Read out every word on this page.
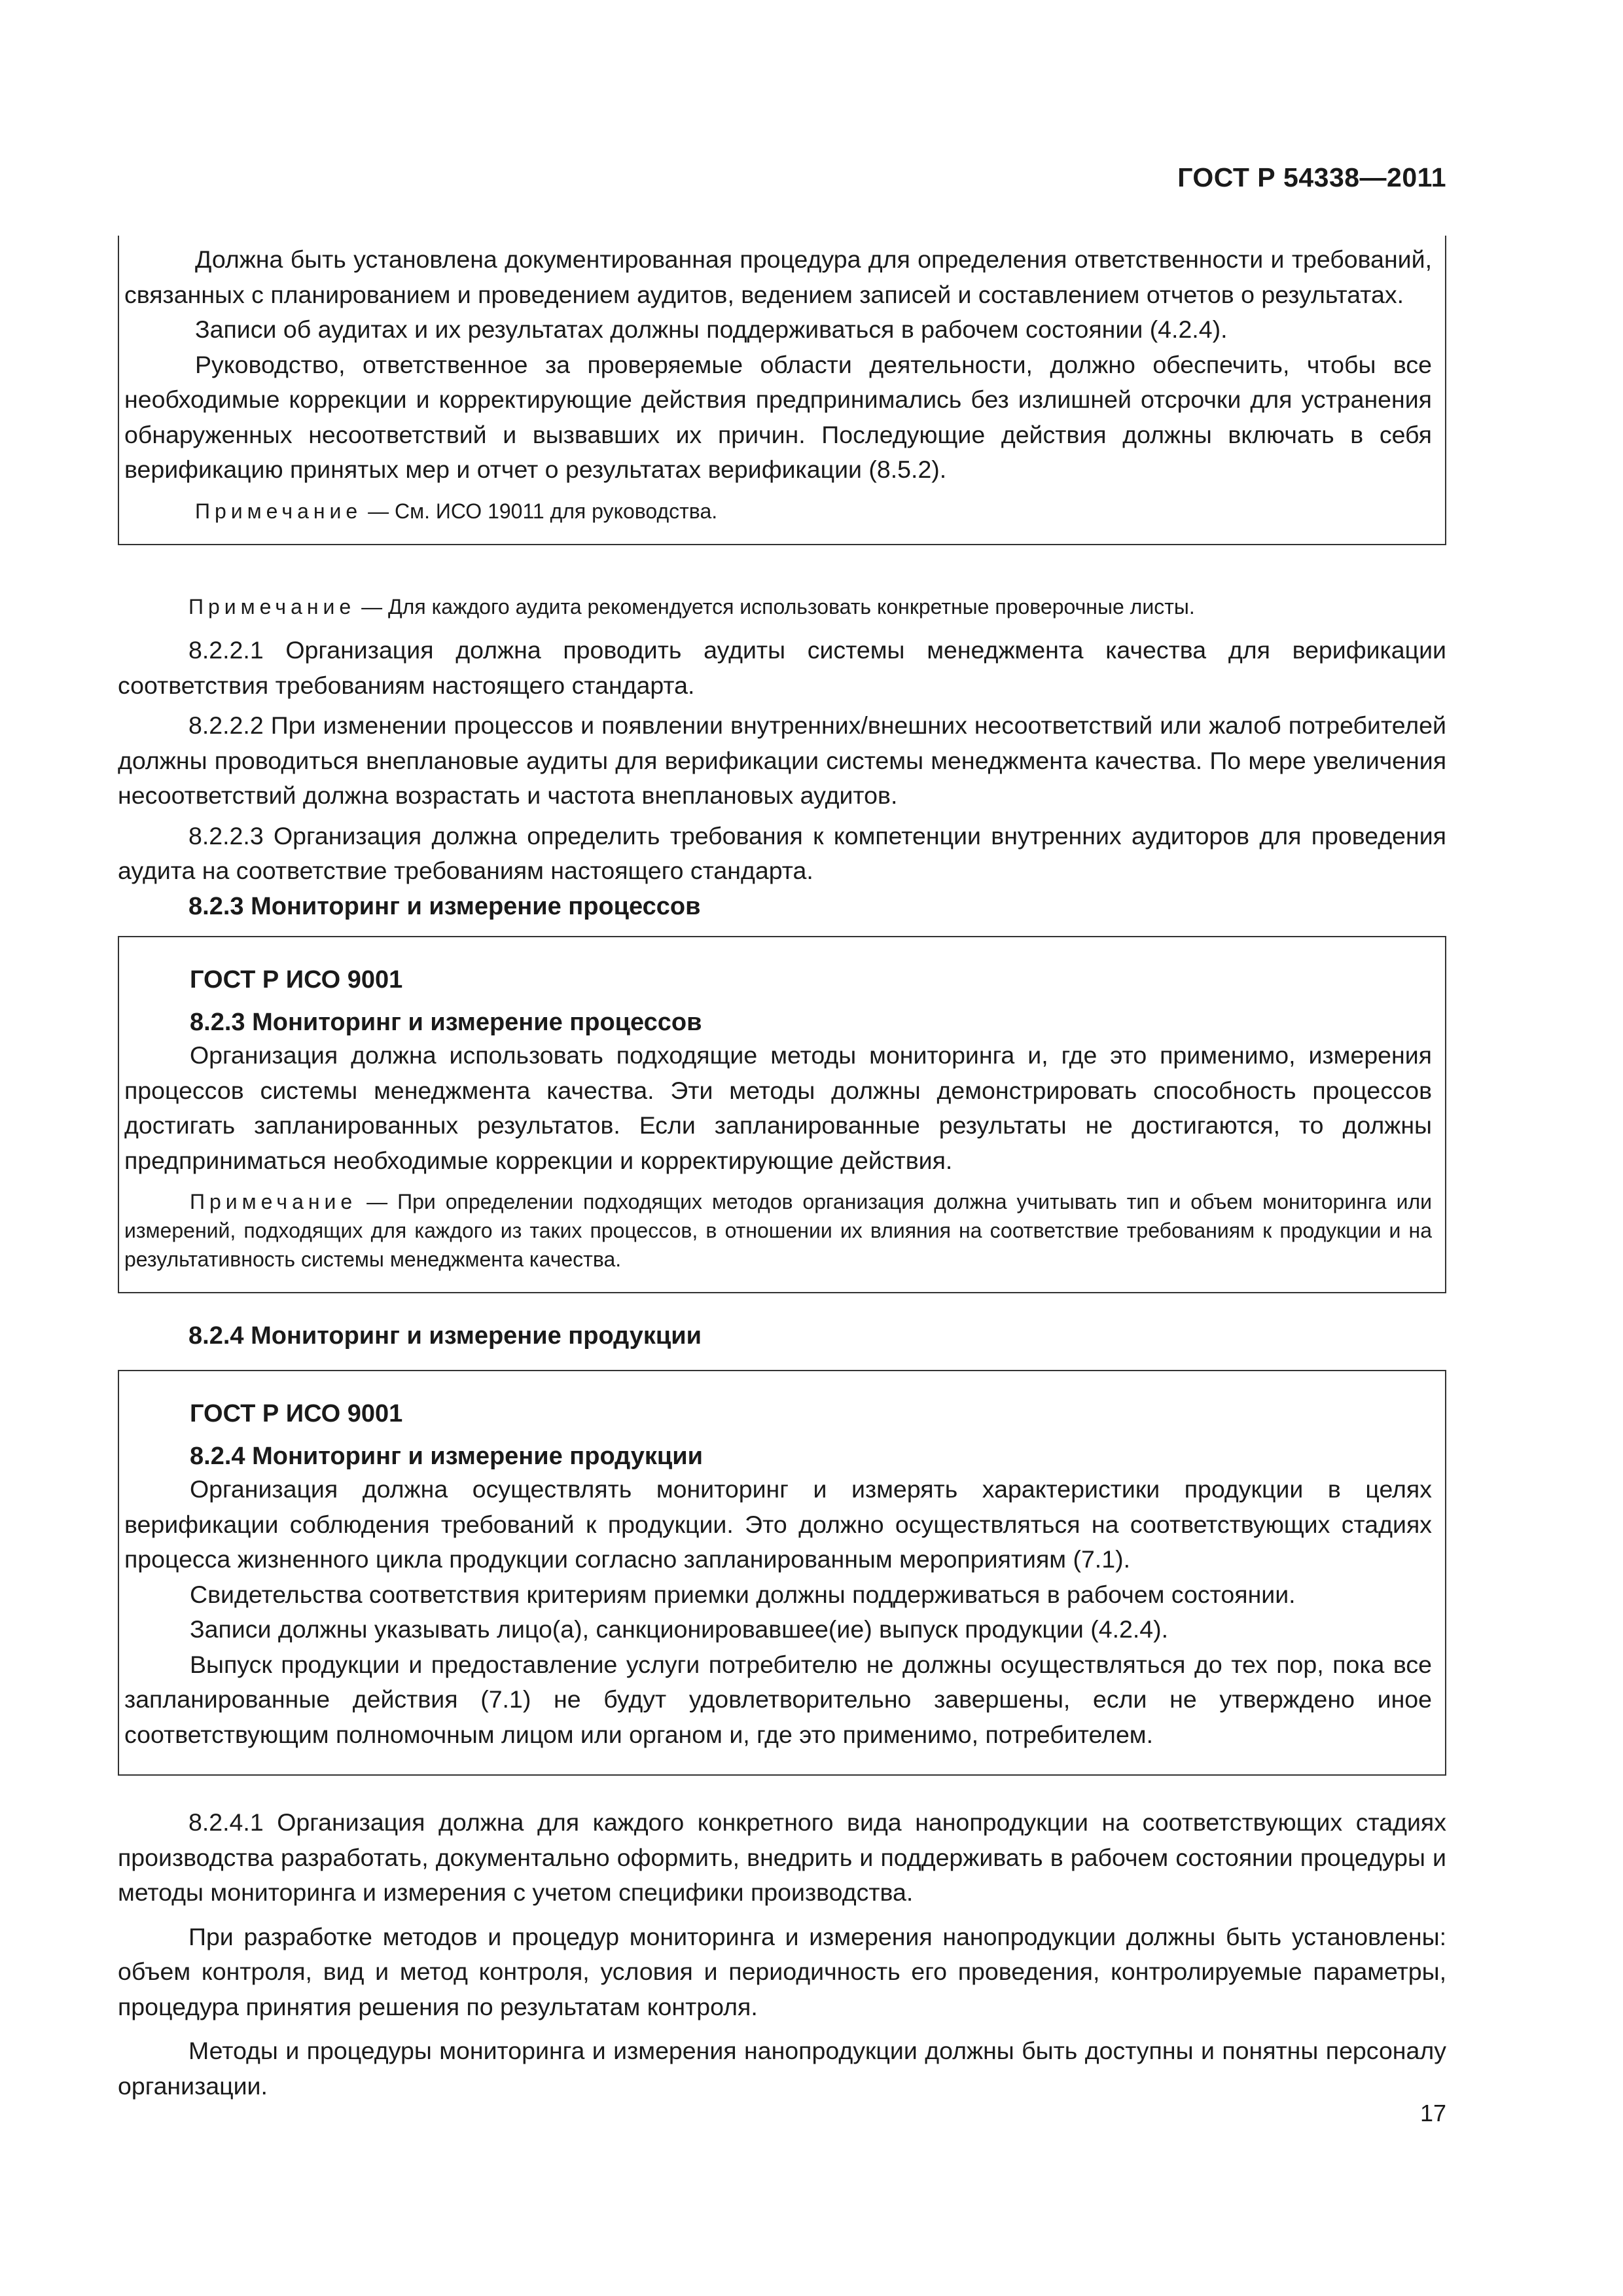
ГОСТ Р 54338—2011

Должна быть установлена документированная процедура для определения ответственности и требований, связанных с планированием и проведением аудитов, ведением записей и составлением отчетов о результатах.

Записи об аудитах и их результатах должны поддерживаться в рабочем состоянии (4.2.4).

Руководство, ответственное за проверяемые области деятельности, должно обеспечить, чтобы все необходимые коррекции и корректирующие действия предпринимались без излишней отсрочки для устранения обнаруженных несоответствий и вызвавших их причин. Последующие действия должны включать в себя верификацию принятых мер и отчет о результатах верификации (8.5.2).

Примечание — См. ИСО 19011 для руководства.

Примечание — Для каждого аудита рекомендуется использовать конкретные проверочные листы.

8.2.2.1 Организация должна проводить аудиты системы менеджмента качества для верификации соответствия требованиям настоящего стандарта.

8.2.2.2 При изменении процессов и появлении внутренних/внешних несоответствий или жалоб потребителей должны проводиться внеплановые аудиты для верификации системы менеджмента качества. По мере увеличения несоответствий должна возрастать и частота внеплановых аудитов.

8.2.2.3 Организация должна определить требования к компетенции внутренних аудиторов для проведения аудита на соответствие требованиям настоящего стандарта.

8.2.3 Мониторинг и измерение процессов

ГОСТ Р ИСО 9001

8.2.3 Мониторинг и измерение процессов

Организация должна использовать подходящие методы мониторинга и, где это применимо, измерения процессов системы менеджмента качества. Эти методы должны демонстрировать способность процессов достигать запланированных результатов. Если запланированные результаты не достигаются, то должны предприниматься необходимые коррекции и корректирующие действия.

Примечание — При определении подходящих методов организация должна учитывать тип и объем мониторинга или измерений, подходящих для каждого из таких процессов, в отношении их влияния на соответствие требованиям к продукции и на результативность системы менеджмента качества.

8.2.4 Мониторинг и измерение продукции

ГОСТ Р ИСО 9001

8.2.4 Мониторинг и измерение продукции

Организация должна осуществлять мониторинг и измерять характеристики продукции в целях верификации соблюдения требований к продукции. Это должно осуществляться на соответствующих стадиях процесса жизненного цикла продукции согласно запланированным мероприятиям (7.1).

Свидетельства соответствия критериям приемки должны поддерживаться в рабочем состоянии.

Записи должны указывать лицо(а), санкционировавшее(ие) выпуск продукции (4.2.4).

Выпуск продукции и предоставление услуги потребителю не должны осуществляться до тех пор, пока все запланированные действия (7.1) не будут удовлетворительно завершены, если не утверждено иное соответствующим полномочным лицом или органом и, где это применимо, потребителем.

8.2.4.1 Организация должна для каждого конкретного вида нанопродукции на соответствующих стадиях производства разработать, документально оформить, внедрить и поддерживать в рабочем состоянии процедуры и методы мониторинга и измерения с учетом специфики производства.

При разработке методов и процедур мониторинга и измерения нанопродукции должны быть установлены: объем контроля, вид и метод контроля, условия и периодичность его проведения, контролируемые параметры, процедура принятия решения по результатам контроля.

Методы и процедуры мониторинга и измерения нанопродукции должны быть доступны и понятны персоналу организации.

17
